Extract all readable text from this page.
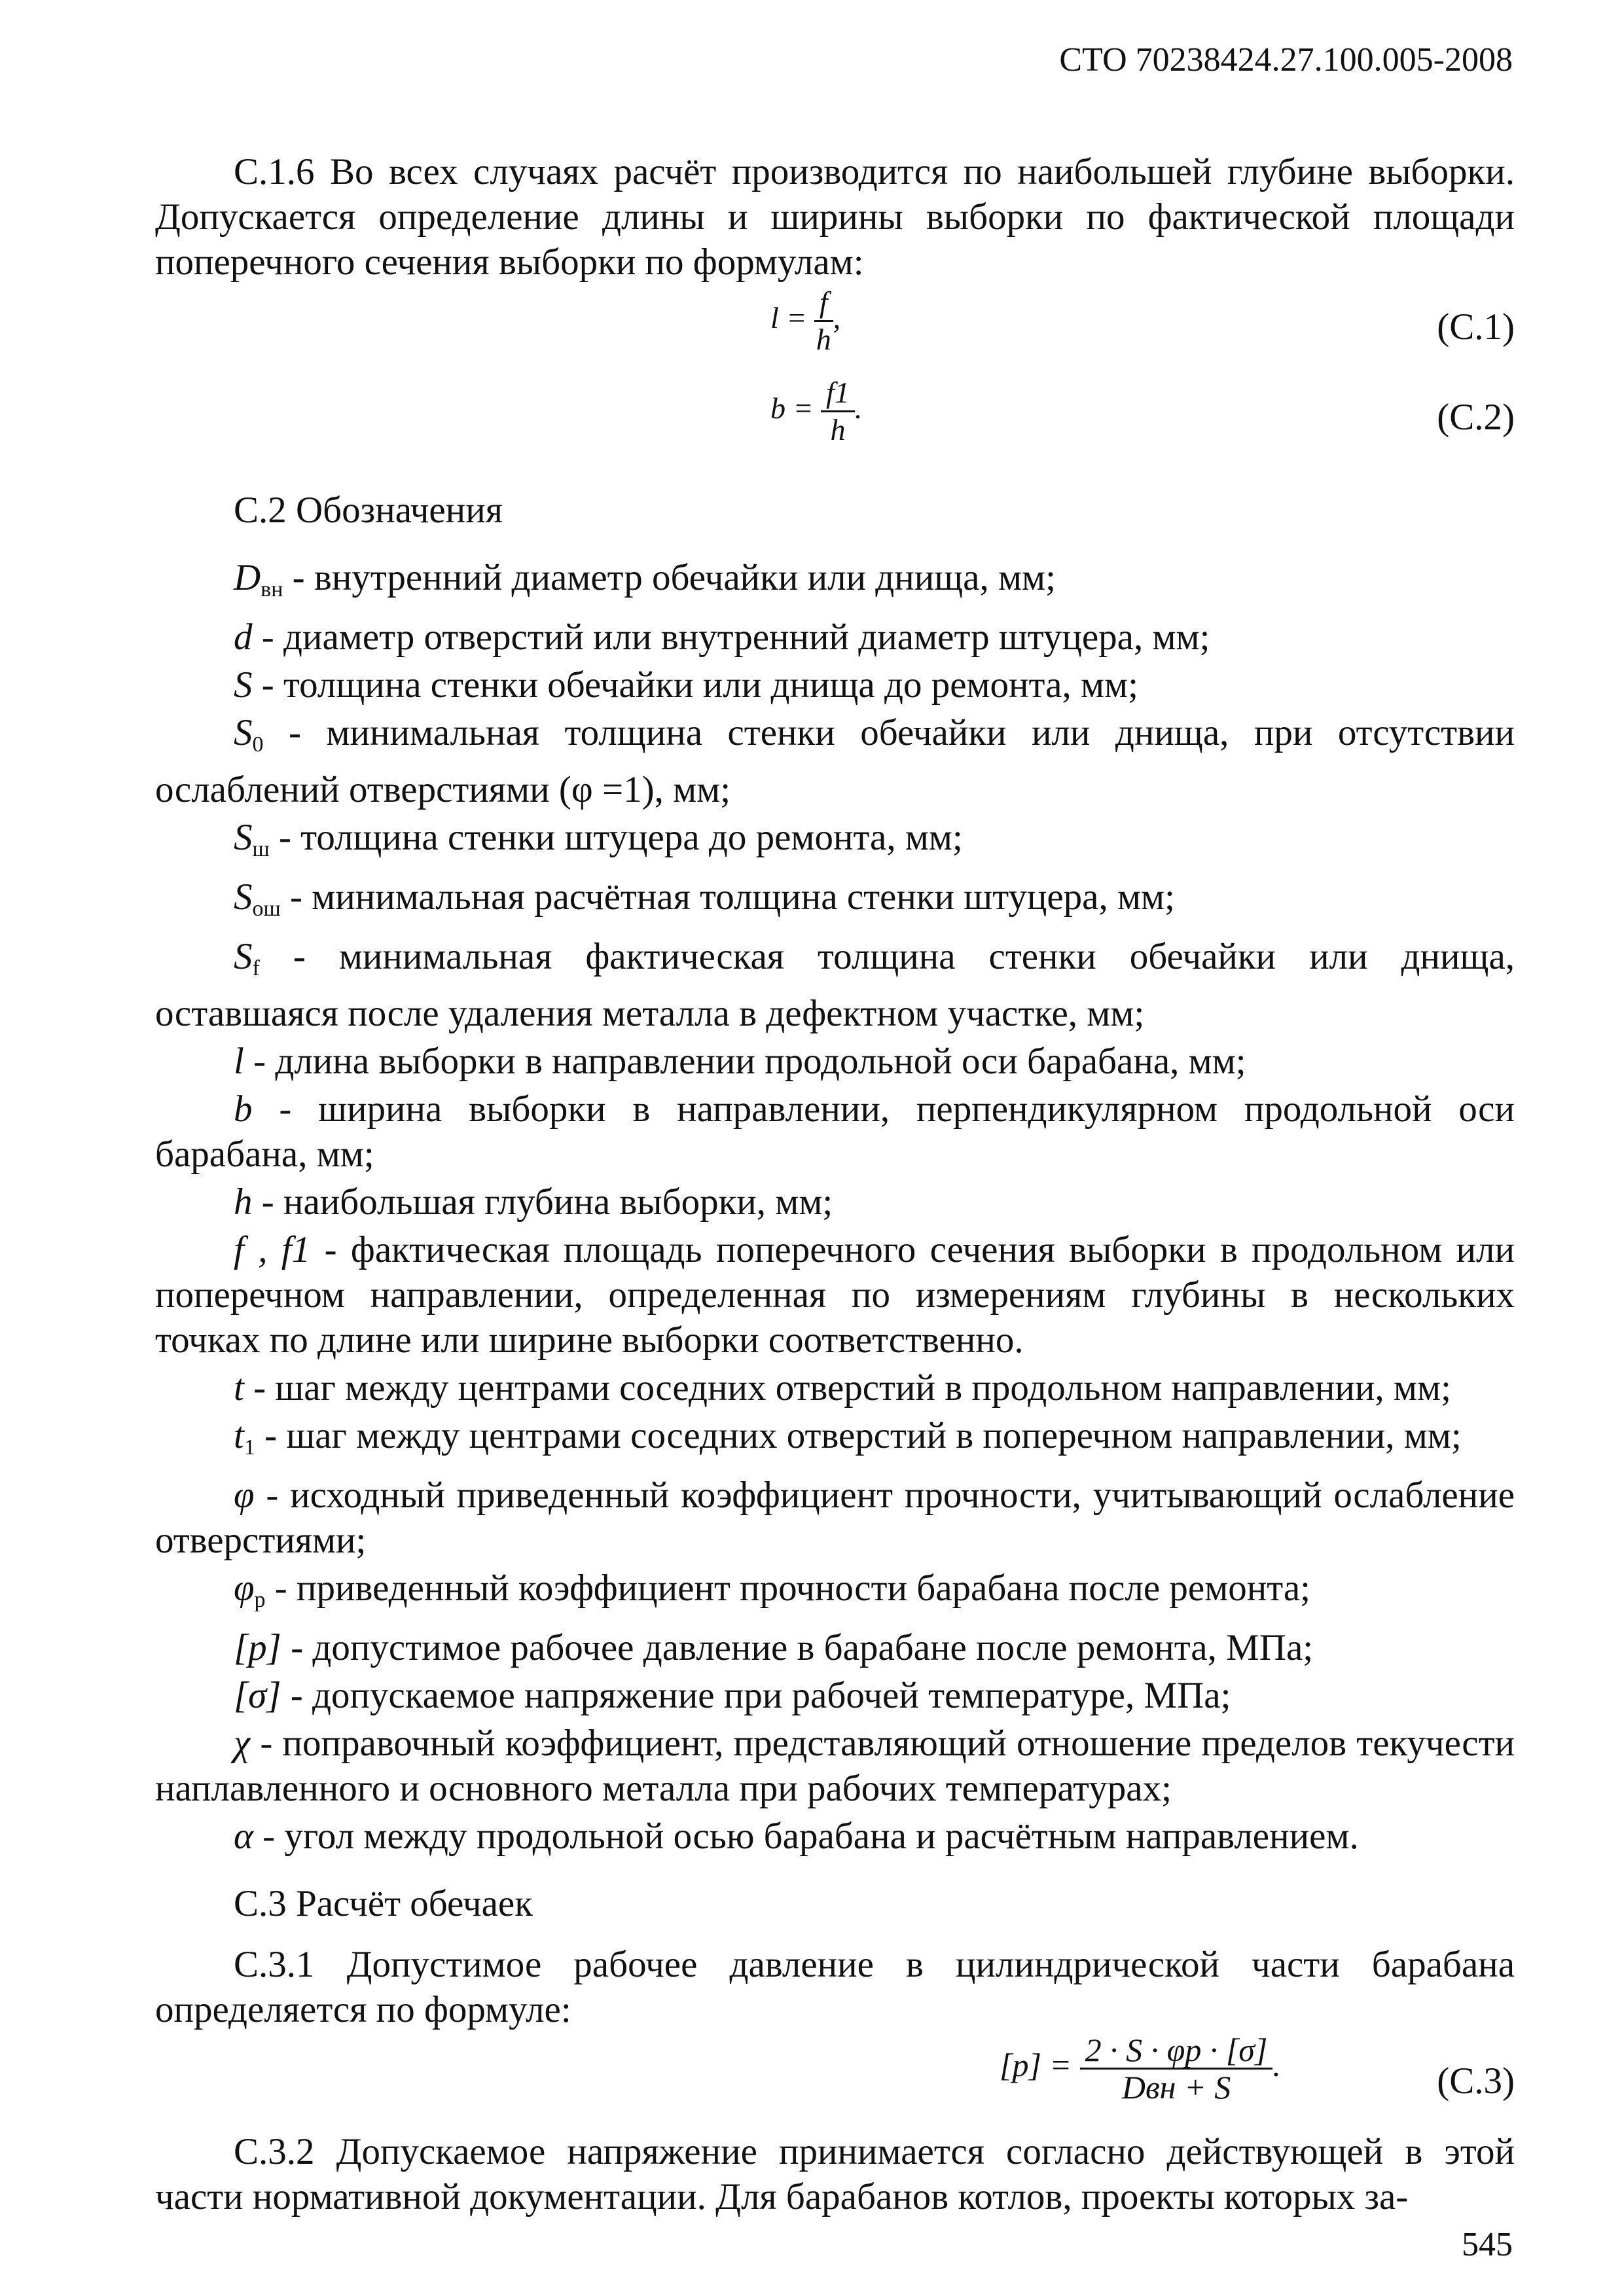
СТО 70238424.27.100.005-2008

С.1.6 Во всех случаях расчёт производится по наибольшей глубине выборки. Допускается определение длины и ширины выборки по фактической площади поперечного сечения выборки по формулам:

$l = \frac{f}{h}$ ,	(С.1)
$b = \frac{f1}{h}$ .	(С.2)

С.2 Обозначения

$D_{вн}$ - внутренний диаметр обечайки или днища, мм;

d - диаметр отверстий или внутренний диаметр штуцера, мм;

S - толщина стенки обечайки или днища до ремонта, мм;

$S_0$ - минимальная толщина стенки обечайки или днища, при отсутствии ослаблений отверстиями (φ =1), мм;

$S_ш$ - толщина стенки штуцера до ремонта, мм;

$S_{ош}$ - минимальная расчётная толщина стенки штуцера, мм;

$S_f$ - минимальная фактическая толщина стенки обечайки или днища, оставшаяся после удаления металла в дефектном участке, мм;

l - длина выборки в направлении продольной оси барабана, мм;

b - ширина выборки в направлении, перпендикулярном продольной оси барабана, мм;

h - наибольшая глубина выборки, мм;

f , f1 - фактическая площадь поперечного сечения выборки в продольном или поперечном направлении, определенная по измерениям глубины в нескольких точках по длине или ширине выборки соответственно.

t - шаг между центрами соседних отверстий в продольном направлении, мм;

$t_1$ - шаг между центрами соседних отверстий в поперечном направлении, мм;

φ - исходный приведенный коэффициент прочности, учитывающий ослабление отверстиями;

$\varphi_p$ - приведенный коэффициент прочности барабана после ремонта;

[p] - допустимое рабочее давление в барабане после ремонта, МПа;

[σ] - допускаемое напряжение при рабочей температуре, МПа;

χ - поправочный коэффициент, представляющий отношение пределов текучести наплавленного и основного металла при рабочих температурах;

α - угол между продольной осью барабана и расчётным направлением.

С.3 Расчёт обечаек

С.3.1 Допустимое рабочее давление в цилиндрической части барабана определяется по формуле:

$[p] = \frac{2 \cdot S \cdot \varphi p \cdot [\sigma]}{\text{Dвн + S}}$ .	(С.3)

С.3.2 Допускаемое напряжение принимается согласно действующей в этой части нормативной документации. Для барабанов котлов, проекты которых за-

545
